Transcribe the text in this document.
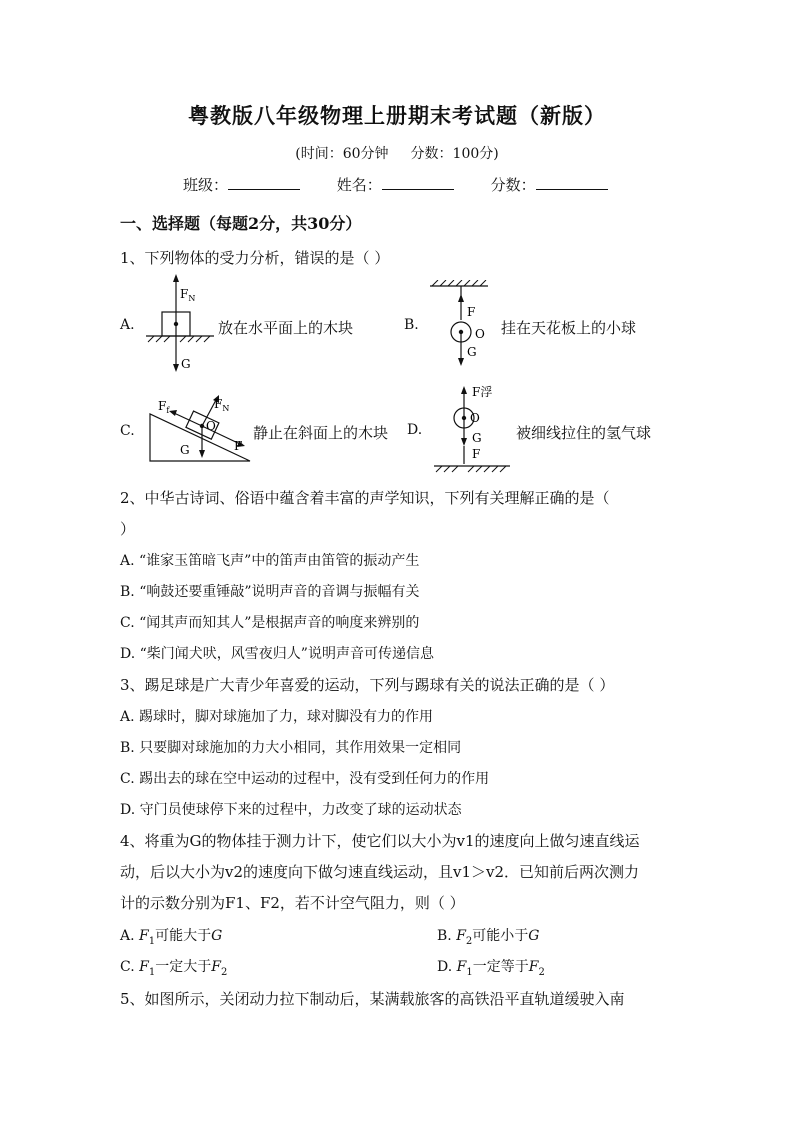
粤教版八年级物理上册期末考试题（新版）
(时间：60分钟 分数：100分)
班级：	姓名：	分数：
一、选择题（每题2分，共30分）
1、下列物体的受力分析，错误的是（ ）
A.
$F_N$
G
放在水平面上的木块	B.
F
O
G
挂在天花板上的小球
C.
$F_N$
$F_f$
O
G	F
静止在斜面上的木块 D.
F浮
O
G
F
被细线拉住的氢气球
2、中华古诗词、俗语中蕴含着丰富的声学知识，下列有关理解正确的是（
）
A. “谁家玉笛暗飞声”中的笛声由笛管的振动产生
B. “响鼓还要重锤敲”说明声音的音调与振幅有关
C. “闻其声而知其人”是根据声音的响度来辨别的
D. “柴门闻犬吠，风雪夜归人”说明声音可传递信息
3、踢足球是广大青少年喜爱的运动，下列与踢球有关的说法正确的是（ ）
A. 踢球时，脚对球施加了力，球对脚没有力的作用
B. 只要脚对球施加的力大小相同，其作用效果一定相同
C. 踢出去的球在空中运动的过程中，没有受到任何力的作用
D. 守门员使球停下来的过程中，力改变了球的运动状态
4、将重为G的物体挂于测力计下，使它们以大小为v1的速度向上做匀速直线运
动，后以大小为v2的速度向下做匀速直线运动，且v1＞v2．已知前后两次测力
计的示数分别为F1、F2，若不计空气阻力，则（ ）
A. $F_1$可能大于G	B. $F_2$可能小于G
C. $F_1$一定大于$F_2$	D. $F_1$一定等于$F_2$
5、如图所示，关闭动力拉下制动后，某满载旅客的高铁沿平直轨道缓驶入南
